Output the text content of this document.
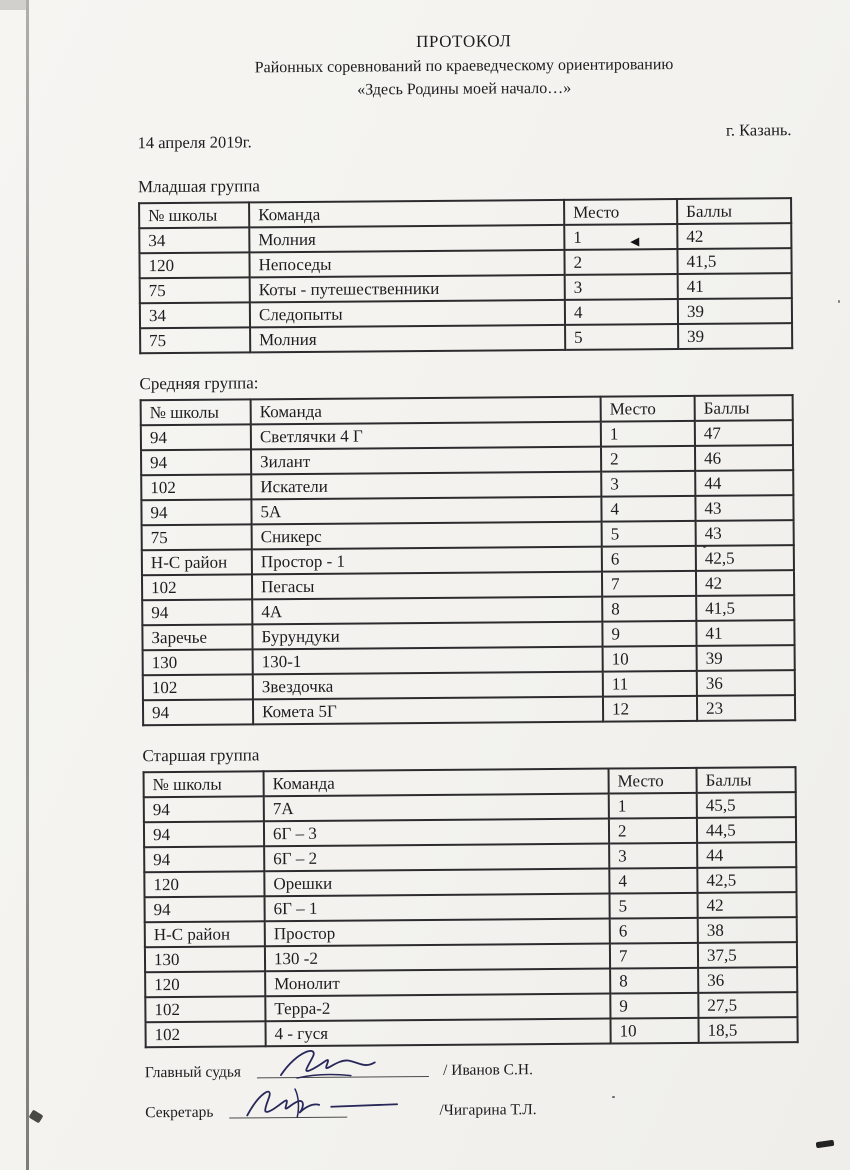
◄
ПРОТОКОЛ
Районных соревнований по краеведческому ориентированию
«Здесь Родины моей начало…»
14 апреля 2019г.
г. Казань.
Младшая группа
№ школы	Команда	Место	Баллы
34	Молния	1	42
120	Непоседы	2	41,5
75	Коты - путешественники	3	41
34	Следопыты	4	39
75	Молния	5	39
Средняя группа:
№ школы	Команда	Место	Баллы
94	Светлячки 4 Г	1	47
94	Зилант	2	46
102	Искатели	3	44
94	5А	4	43
75	Сникерс	5	43
Н-С район	Простор - 1	6	42,5
102	Пегасы	7	42
94	4А	8	41,5
Заречье	Бурундуки	9	41
130	130-1	10	39
102	Звездочка	11	36
94	Комета 5Г	12	23
Старшая группа
№ школы	Команда	Место	Баллы
94	7А	1	45,5
94	6Г – 3	2	44,5
94	6Г – 2	3	44
120	Орешки	4	42,5
94	6Г – 1	5	42
Н-С район	Простор	6	38
130	130 -2	7	37,5
120	Монолит	8	36
102	Терра-2	9	27,5
102	4 - гуся	10	18,5
Главный судья	/ Иванов С.Н.
Секретарь	/Чигарина Т.Л.
